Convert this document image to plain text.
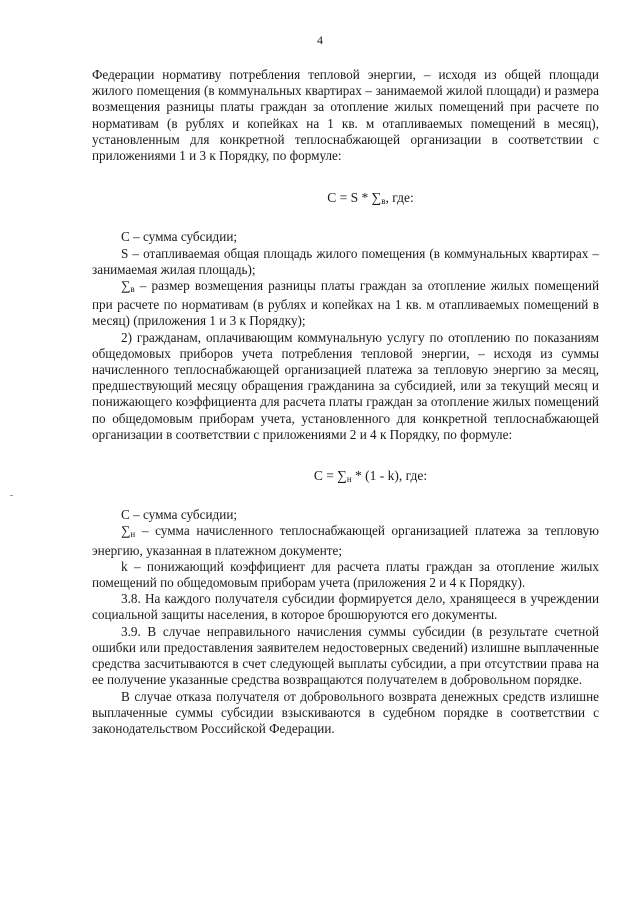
4

Федерации нормативу потребления тепловой энергии, – исходя из общей площади жилого помещения (в коммунальных квартирах – занимаемой жилой площади) и размера возмещения разницы платы граждан за отопление жилых помещений при расчете по нормативам (в рублях и копейках на 1 кв. м отапливаемых помещений в месяц), установленным для конкретной теплоснабжающей организации в соответствии с приложениями 1 и 3 к Порядку, по формуле:

$C = S * \sum_в$, где:

С – сумма субсидии;

S – отапливаемая общая площадь жилого помещения (в коммунальных квартирах – занимаемая жилая площадь);

$\sum_в$ – размер возмещения разницы платы граждан за отопление жилых помещений при расчете по нормативам (в рублях и копейках на 1 кв. м отапливаемых помещений в месяц) (приложения 1 и 3 к Порядку);

2) гражданам, оплачивающим коммунальную услугу по отоплению по показаниям общедомовых приборов учета потребления тепловой энергии, – исходя из суммы начисленного теплоснабжающей организацией платежа за тепловую энергию за месяц, предшествующий месяцу обращения гражданина за субсидией, или за текущий месяц и понижающего коэффициента для расчета платы граждан за отопление жилых помещений по общедомовым приборам учета, установленного для конкретной теплоснабжающей организации в соответствии с приложениями 2 и 4 к Порядку, по формуле:

$C = \sum_н * (1 - k)$, где:

С – сумма субсидии;

$\sum_н$ – сумма начисленного теплоснабжающей организацией платежа за тепловую энергию, указанная в платежном документе;

k – понижающий коэффициент для расчета платы граждан за отопление жилых помещений по общедомовым приборам учета (приложения 2 и 4 к Порядку).

3.8. На каждого получателя субсидии формируется дело, хранящееся в учреждении социальной защиты населения, в которое брошюруются его документы.

3.9. В случае неправильного начисления суммы субсидии (в результате счетной ошибки или предоставления заявителем недостоверных сведений) излишне выплаченные средства засчитываются в счет следующей выплаты субсидии, а при отсутствии права на ее получение указанные средства возвращаются получателем в добровольном порядке.

В случае отказа получателя от добровольного возврата денежных средств излишне выплаченные суммы субсидии взыскиваются в судебном порядке в соответствии с законодательством Российской Федерации.
